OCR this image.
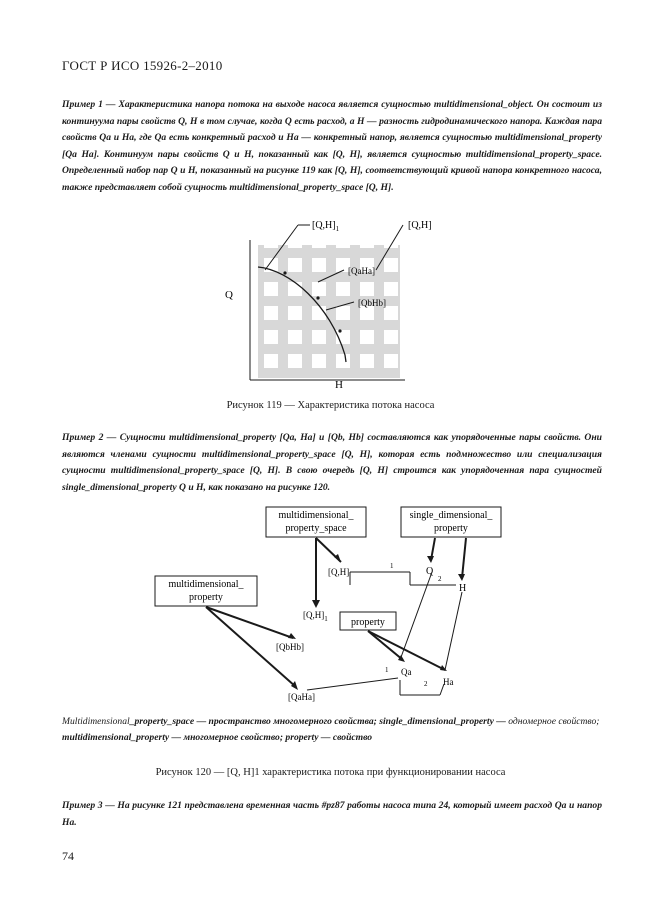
ГОСТ Р ИСО 15926-2–2010
Пример 1 — Характеристика напора потока на выходе насоса является сущностью multidimensional_object. Он состоит из континуума пары свойств Q, H в том случае, когда Q есть расход, а H — разность гидродинамического напора. Каждая пара свойств Qa и Ha, где Qa есть конкретный расход и Ha — конкретный напор, является сущностью multidimensional_property [Qa Ha]. Континуум пары свойств Q и H, показанный как [Q, H], является сущностью multidimensional_property_space. Определенный набор пар Q и H, показанный на рисунке 119 как [Q, H], соответствующий кривой напора конкретного насоса, также представляет собой сущность multidimensional_property_space [Q, H].
$[Q,H]_1$	[Q,H]
[QaHa]
[QbHb]
Q
H
Рисунок 119 — Характеристика потока насоса
Пример 2 — Сущности multidimensional_property [Qa, Ha] и [Qb, Hb] составляются как упорядоченные пары свойств. Они являются членами сущности multidimensional_property_space [Q, H], которая есть подмножество или специализация сущности multidimensional_property_space [Q, H]. В свою очередь [Q, H] строится как упорядоченная пара сущностей single_dimensional_property Q и H, как показано на рисунке 120.
multidimensional_
property_space
single_dimensional_
property
multidimensional_
property
property
[Q,H]
$[Q,H]_1$
[QbHb]
[QaHa]
Q
H
Qa
Ha
1
2
1
2
Multidimensional_property_space — пространство многомерного свойства; single_dimensional_property — одномерное свойство; multidimensional_property — многомерное свойство; property — свойство
Рисунок 120 — [Q, H]1 характеристика потока при функционировании насоса
Пример 3 — На рисунке 121 представлена временная часть #pz87 работы насоса типа 24, который имеет расход Qa и напор Ha.
74
